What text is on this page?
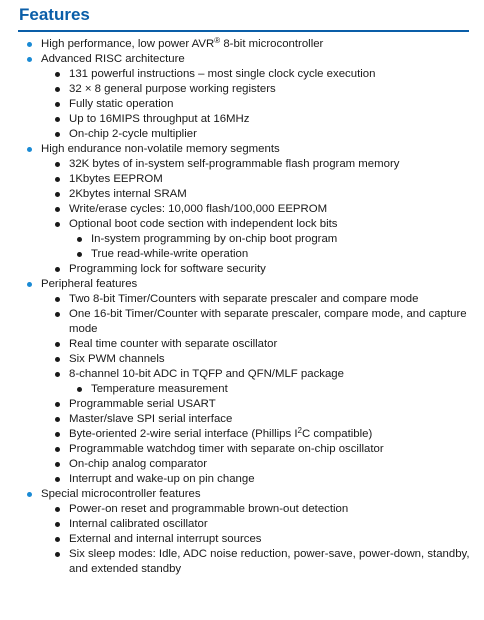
Features
High performance, low power AVR® 8-bit microcontroller
Advanced RISC architecture
131 powerful instructions – most single clock cycle execution
32 × 8 general purpose working registers
Fully static operation
Up to 16MIPS throughput at 16MHz
On-chip 2-cycle multiplier
High endurance non-volatile memory segments
32K bytes of in-system self-programmable flash program memory
1Kbytes EEPROM
2Kbytes internal SRAM
Write/erase cycles: 10,000 flash/100,000 EEPROM
Optional boot code section with independent lock bits
In-system programming by on-chip boot program
True read-while-write operation
Programming lock for software security
Peripheral features
Two 8-bit Timer/Counters with separate prescaler and compare mode
One 16-bit Timer/Counter with separate prescaler, compare mode, and capture mode
Real time counter with separate oscillator
Six PWM channels
8-channel 10-bit ADC in TQFP and QFN/MLF package
Temperature measurement
Programmable serial USART
Master/slave SPI serial interface
Byte-oriented 2-wire serial interface (Phillips $I^2C$ compatible)
Programmable watchdog timer with separate on-chip oscillator
On-chip analog comparator
Interrupt and wake-up on pin change
Special microcontroller features
Power-on reset and programmable brown-out detection
Internal calibrated oscillator
External and internal interrupt sources
Six sleep modes: Idle, ADC noise reduction, power-save, power-down, standby, and extended standby
